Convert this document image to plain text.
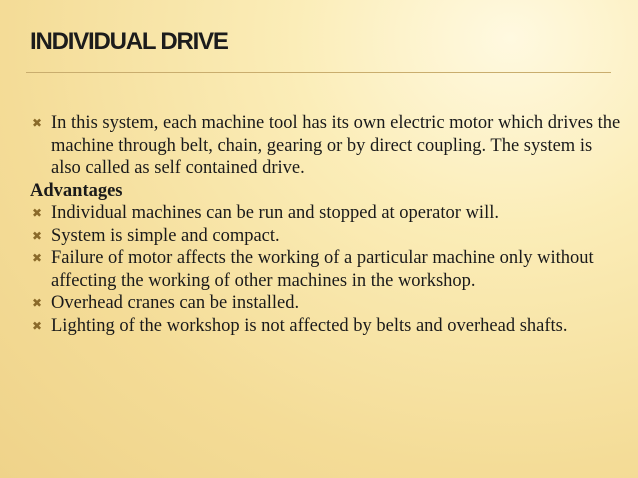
INDIVIDUAL DRIVE
✖ In this system, each machine tool has its own electric motor which drives the machine through belt, chain, gearing or by direct coupling. The system is also called as self contained drive.
Advantages
✖ Individual machines can be run and stopped at operator will.
✖ System is simple and compact.
✖ Failure of motor affects the working of a particular machine only without affecting the working of other machines in the workshop.
✖ Overhead cranes can be installed.
✖ Lighting of the workshop is not affected by belts and overhead shafts.
